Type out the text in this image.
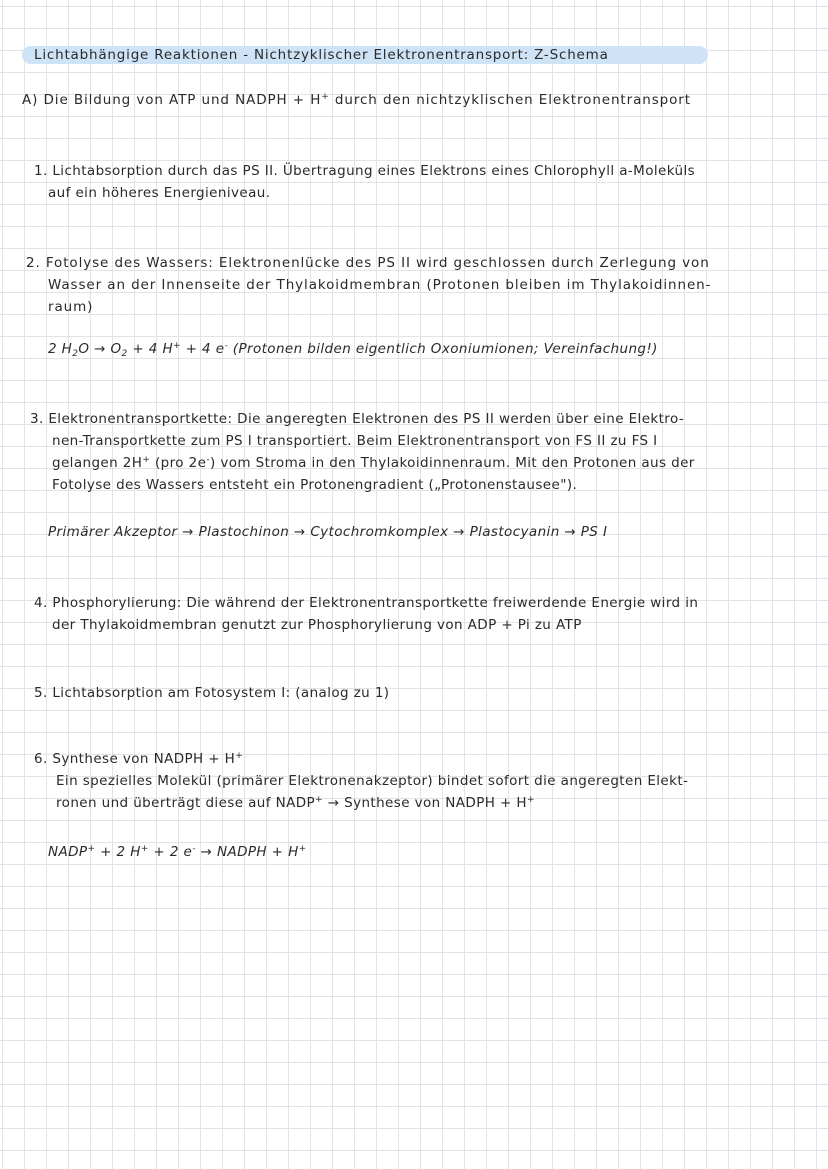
Lichtabhängige Reaktionen - Nichtzyklischer Elektronentransport: Z-Schema
A) Die Bildung von ATP und NADPH + H+ durch den nichtzyklischen Elektronentransport
1. Lichtabsorption durch das PS II. Übertragung eines Elektrons eines Chlorophyll a-Moleküls
auf ein höheres Energieniveau.
2. Fotolyse des Wassers: Elektronenlücke des PS II wird geschlossen durch Zerlegung von
Wasser an der Innenseite der Thylakoidmembran (Protonen bleiben im Thylakoidinnen-
raum)
2 $H_2O \to O_2 + 4$ H+ + 4 e- (Protonen bilden eigentlich Oxoniumionen; Vereinfachung!)
3. Elektronentransportkette: Die angeregten Elektronen des PS II werden über eine Elektro-
nen-Transportkette zum PS I transportiert. Beim Elektronentransport von FS II zu FS I
gelangen 2H+ (pro 2e-) vom Stroma in den Thylakoidinnenraum. Mit den Protonen aus der
Fotolyse des Wassers entsteht ein Protonengradient („Protonenstausee").
Primärer Akzeptor → Plastochinon → Cytochromkomplex → Plastocyanin → PS I
4. Phosphorylierung: Die während der Elektronentransportkette freiwerdende Energie wird in
der Thylakoidmembran genutzt zur Phosphorylierung von ADP + Pi zu ATP
5. Lichtabsorption am Fotosystem I: (analog zu 1)
6. Synthese von NADPH + H+
Ein spezielles Molekül (primärer Elektronenakzeptor) bindet sofort die angeregten Elekt-
ronen und überträgt diese auf NADP+ → Synthese von NADPH + H+
NADP+ + 2 H+ + 2 e- → NADPH + H+
